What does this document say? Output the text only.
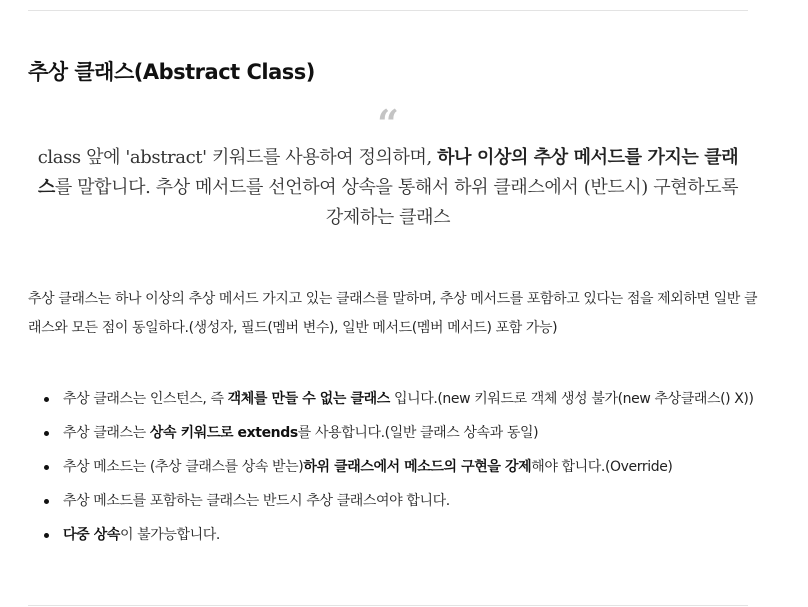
추상 클래스(Abstract Class)
“

class 앞에 'abstract' 키워드를 사용하여 정의하며, 하나 이상의 추상 메서드를 가지는 클래스를 말합니다. 추상 메서드를 선언하여 상속을 통해서 하위 클래스에서 (반드시) 구현하도록 강제하는 클래스

추상 클래스는 하나 이상의 추상 메서드 가지고 있는 클래스를 말하며, 추상 메서드를 포함하고 있다는 점을 제외하면 일반 클래스와 모든 점이 동일하다.(생성자, 필드(멤버 변수), 일반 메서드(멤버 메서드) 포함 가능)

추상 클래스는 인스턴스, 즉 객체를 만들 수 없는 클래스 입니다.(new 키워드로 객체 생성 불가(new 추상클래스() X))
추상 클래스는 상속 키워드로 extends를 사용합니다.(일반 클래스 상속과 동일)
추상 메소드는 (추상 클래스를 상속 받는)하위 클래스에서 메소드의 구현을 강제해야 합니다.(Override)
추상 메소드를 포함하는 클래스는 반드시 추상 클래스여야 합니다.
다중 상속이 불가능합니다.
